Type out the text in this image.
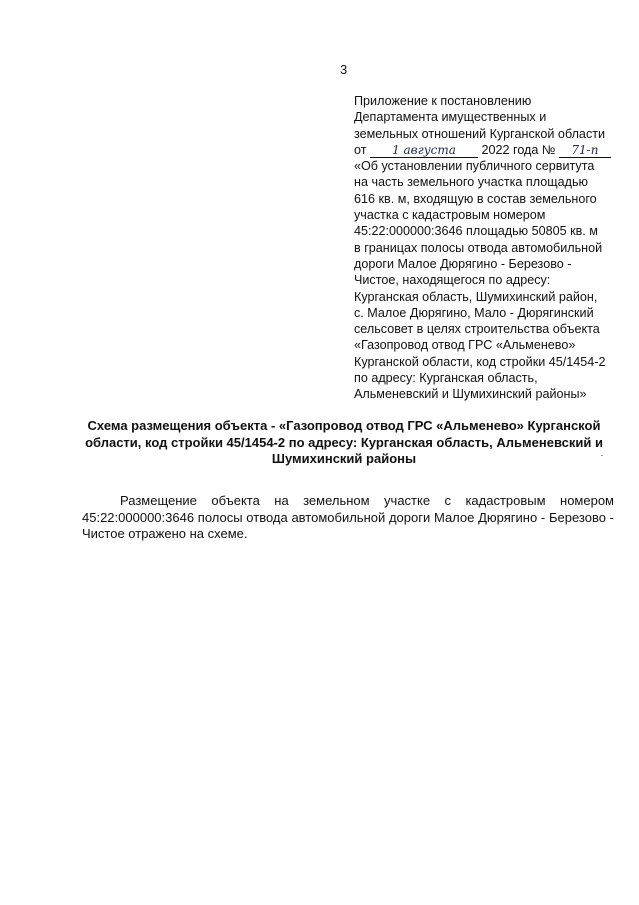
3
Приложение к постановлению
Департамента имущественных и
земельных отношений Курганской области
от 1 августа 2022 года № 71-п
«Об установлении публичного сервитута
на часть земельного участка площадью
616 кв. м, входящую в состав земельного
участка с кадастровым номером
45:22:000000:3646 площадью 50805 кв. м
в границах полосы отвода автомобильной
дороги Малое Дюрягино - Березово -
Чистое, находящегося по адресу:
Курганская область, Шумихинский район,
с. Малое Дюрягино, Мало - Дюрягинский
сельсовет в целях строительства объекта
«Газопровод отвод ГРС «Альменево»
Курганской области, код стройки 45/1454-2
по адресу: Курганская область,
Альменевский и Шумихинский районы»
Схема размещения объекта - «Газопровод отвод ГРС «Альменево» Курганской
области, код стройки 45/1454-2 по адресу: Курганская область, Альменевский и
Шумихинский районы
Размещение объекта на земельном участке с кадастровым номером 45:22:000000:3646 полосы отвода автомобильной дороги Малое Дюрягино - Березово - Чистое отражено на схеме.
